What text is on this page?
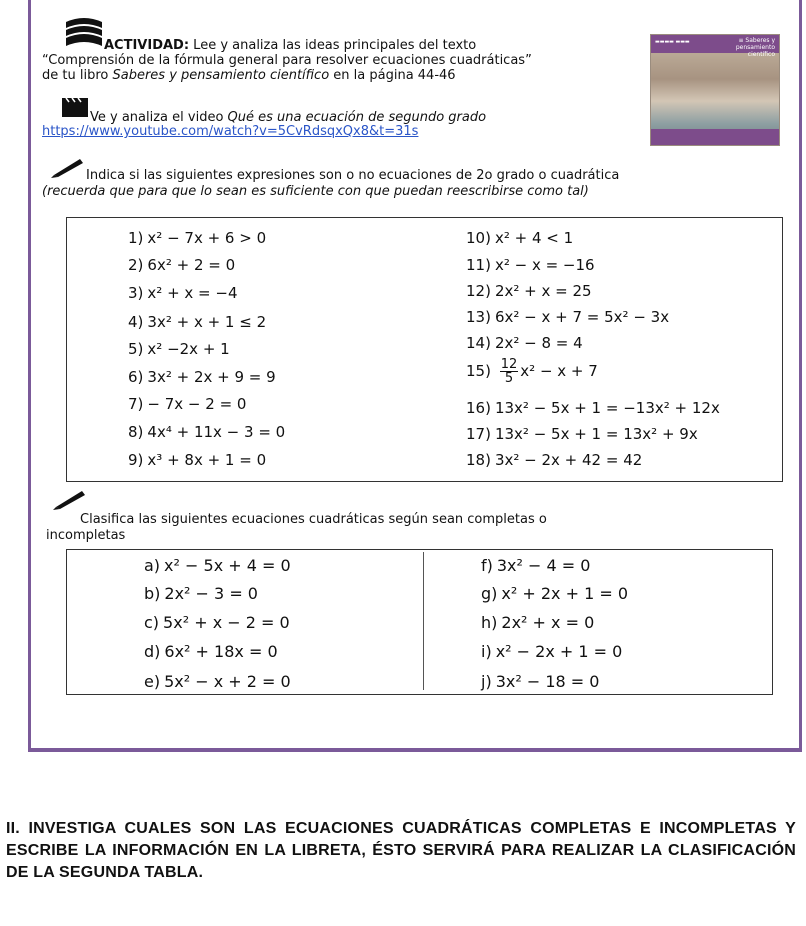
ACTIVIDAD: Lee y analiza las ideas principales del texto
“Comprensión de la fórmula general para resolver ecuaciones cuadráticas”
de tu libro Saberes y pensamiento científico en la página 44-46
▬▬▬▬ ▬▬▬	≡ Saberes y pensamiento científico
Ve y analiza el video Qué es una ecuación de segundo grado
https://www.youtube.com/watch?v=5CvRdsqxQx8&t=31s
Indica si las siguientes expresiones son o no ecuaciones de 2o grado o cuadrática
(recuerda que para que lo sean es suficiente con que puedan reescribirse como tal)
1) x² − 7x + 6 > 0
2) 6x² + 2 = 0
3) x² + x = −4
4) 3x² + x + 1 ≤ 2
5) x² −2x + 1
6) 3x² + 2x + 9 = 9
7) − 7x − 2 = 0
8) 4x⁴ + 11x − 3 = 0
9) x³ + 8x + 1 = 0
10) x² + 4 < 1
11) x² − x = −16
12) 2x² + x = 25
13) 6x² − x + 7 = 5x² − 3x
14) 2x² − 8 = 4
$15) \frac{12}{5} x^2 - x + 7$
16) 13x² − 5x + 1 = −13x² + 12x
17) 13x² − 5x + 1 = 13x² + 9x
18) 3x² − 2x + 42 = 42
Clasifica las siguientes ecuaciones cuadráticas según sean completas o
incompletas
a) x² − 5x + 4 = 0
b) 2x² − 3 = 0
c) 5x² + x − 2 = 0
d) 6x² + 18x = 0
e) 5x² − x + 2 = 0
f) 3x² − 4 = 0
g) x² + 2x + 1 = 0
h) 2x² + x = 0
i) x² − 2x + 1 = 0
j) 3x² − 18 = 0
II. INVESTIGA CUALES SON LAS ECUACIONES CUADRÁTICAS COMPLETAS E INCOMPLETAS Y ESCRIBE LA INFORMACIÓN EN LA LIBRETA, ÉSTO SERVIRÁ PARA REALIZAR LA CLASIFICACIÓN DE LA SEGUNDA TABLA.
